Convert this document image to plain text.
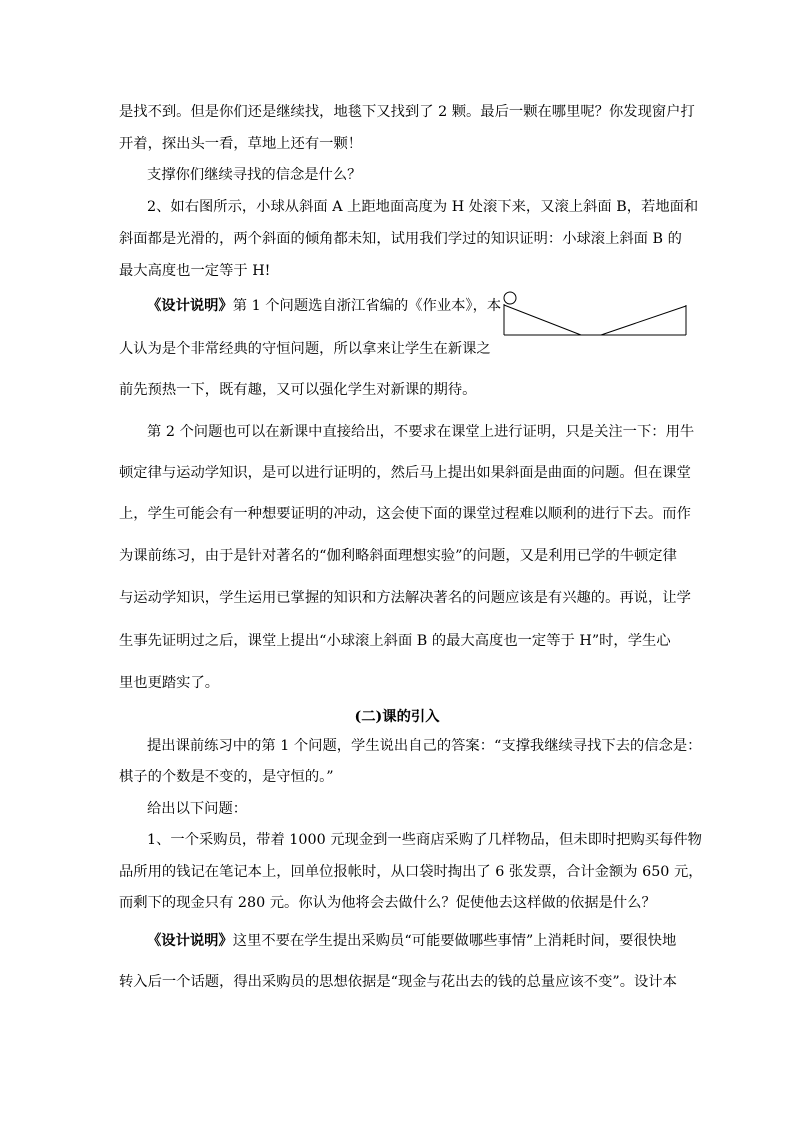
是找不到。但是你们还是继续找，地毯下又找到了 2 颗。最后一颗在哪里呢？你发现窗户打
开着，探出头一看，草地上还有一颗！
支撑你们继续寻找的信念是什么？
2、如右图所示，小球从斜面 A 上距地面高度为 H 处滚下来，又滚上斜面 B，若地面和
斜面都是光滑的，两个斜面的倾角都未知，试用我们学过的知识证明：小球滚上斜面 B 的
最大高度也一定等于 H!
《设计说明》第 1 个问题选自浙江省编的《作业本》，本
人认为是个非常经典的守恒问题，所以拿来让学生在新课之
前先预热一下，既有趣，又可以强化学生对新课的期待。
第 2 个问题也可以在新课中直接给出，不要求在课堂上进行证明，只是关注一下：用牛
顿定律与运动学知识，是可以进行证明的，然后马上提出如果斜面是曲面的问题。但在课堂
上，学生可能会有一种想要证明的冲动，这会使下面的课堂过程难以顺利的进行下去。而作
为课前练习，由于是针对著名的“伽利略斜面理想实验”的问题，又是利用已学的牛顿定律
与运动学知识，学生运用已掌握的知识和方法解决著名的问题应该是有兴趣的。再说，让学
生事先证明过之后，课堂上提出“小球滚上斜面 B 的最大高度也一定等于 H”时，学生心
里也更踏实了。
(二)课的引入
提出课前练习中的第 1 个问题，学生说出自己的答案：“支撑我继续寻找下去的信念是：
棋子的个数是不变的，是守恒的。”
给出以下问题：
1、一个采购员，带着 1000 元现金到一些商店采购了几样物品，但未即时把购买每件物
品所用的钱记在笔记本上，回单位报帐时，从口袋时掏出了 6 张发票，合计金额为 650 元，
而剩下的现金只有 280 元。你认为他将会去做什么？促使他去这样做的依据是什么？
《设计说明》这里不要在学生提出采购员“可能要做哪些事情”上消耗时间，要很快地
转入后一个话题，得出采购员的思想依据是“现金与花出去的钱的总量应该不变”。设计本
